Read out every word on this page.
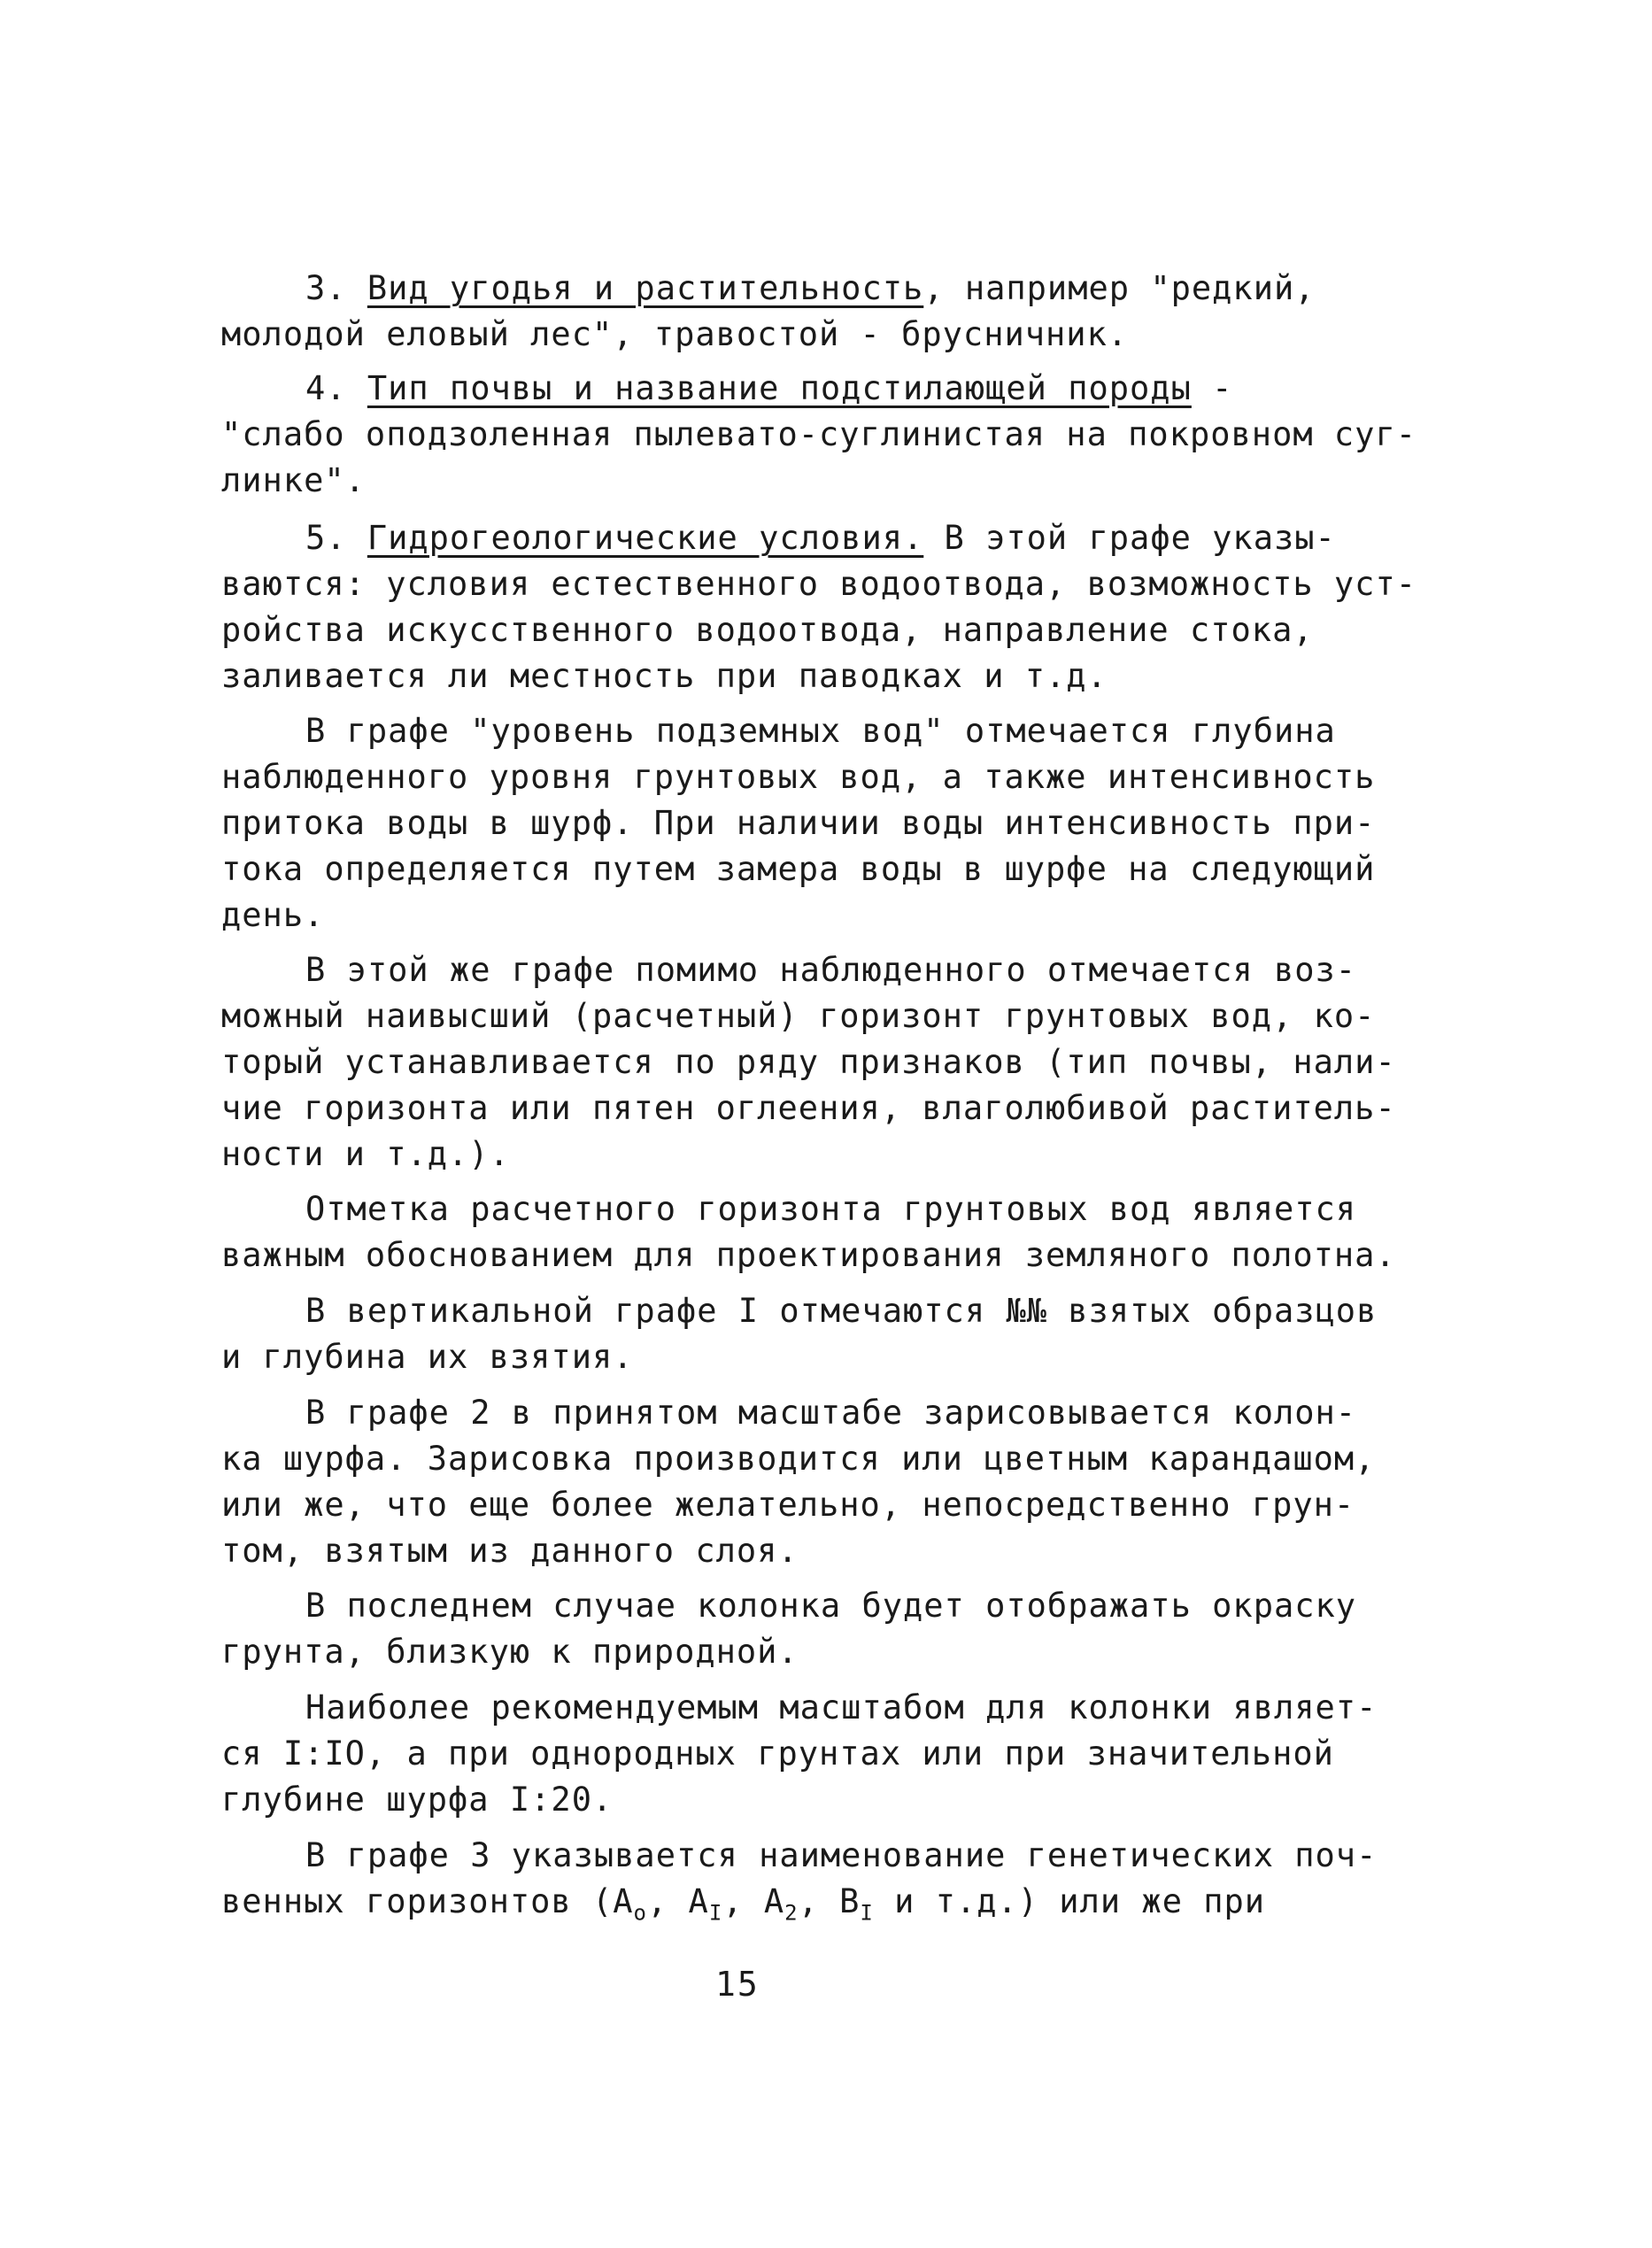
3. Вид угодья и растительность, например "редкий,
молодой еловый лес", травостой - брусничник.
4. Тип почвы и название подстилающей породы -
"слабо оподзоленная пылевато-суглинистая на покровном суг-
линке".
5. Гидрогеологические условия. В этой графе указы-
ваются: условия естественного водоотвода, возможность уст-
ройства искусственного водоотвода, направление стока,
заливается ли местность при паводках и т.д.
В графе "уровень подземных вод" отмечается глубина
наблюденного уровня грунтовых вод, а также интенсивность
притока воды в шурф. При наличии воды интенсивность при-
тока определяется путем замера воды в шурфе на следующий
день.
В этой же графе помимо наблюденного отмечается воз-
можный наивысший (расчетный) горизонт грунтовых вод, ко-
торый устанавливается по ряду признаков (тип почвы, нали-
чие горизонта или пятен оглеения, влаголюбивой раститель-
ности и т.д.).
Отметка расчетного горизонта грунтовых вод является
важным обоснованием для проектирования земляного полотна.
В вертикальной графе I отмечаются №№ взятых образцов
и глубина их взятия.
В графе 2 в принятом масштабе зарисовывается колон-
ка шурфа. Зарисовка производится или цветным карандашом,
или же, что еще более желательно, непосредственно грун-
том, взятым из данного слоя.
В последнем случае колонка будет отображать окраску
грунта, близкую к природной.
Наиболее рекомендуемым масштабом для колонки являет-
ся I:IO, а при однородных грунтах или при значительной
глубине шурфа I:20.
В графе 3 указывается наименование генетических поч-
венных горизонтов ($A_o$, $A_I$, $A_2$, $B_I$ и т.д.) или же при
15
